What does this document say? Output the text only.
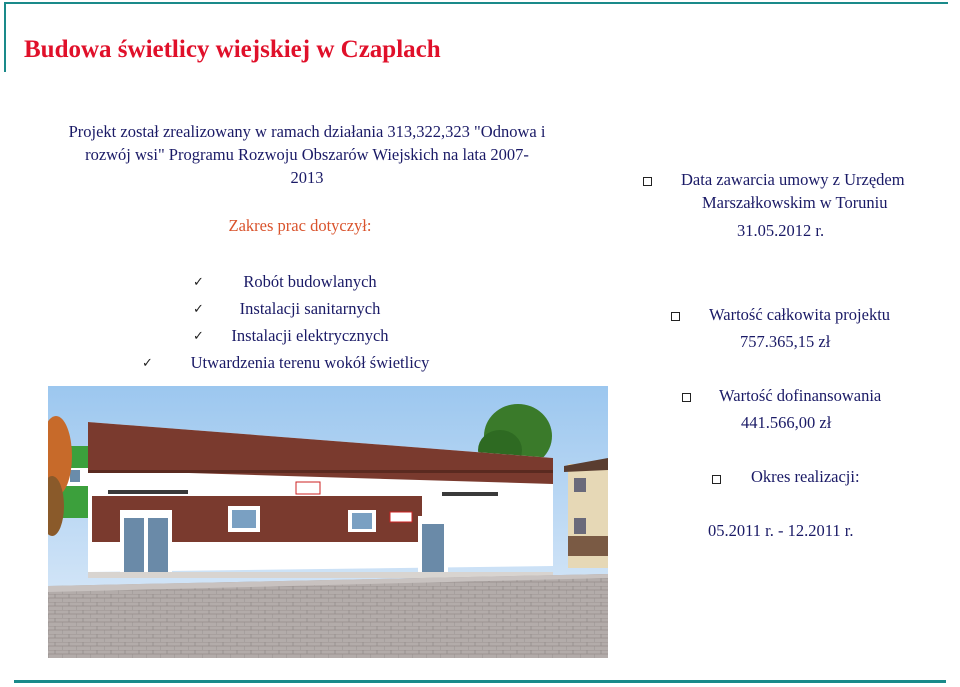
Budowa świetlicy wiejskiej w Czaplach
Projekt został zrealizowany w ramach działania 313,322,323 "Odnowa i
rozwój wsi" Programu Rozwoju Obszarów Wiejskich na lata 2007-
2013
Zakres prac dotyczył:
✓ Robót budowlanych
✓ Instalacji sanitarnych
✓ Instalacji elektrycznych
✓ Utwardzenia terenu wokół świetlicy
Data zawarcia umowy z Urzędem
Marszałkowskim w Toruniu
31.05.2012 r.
Wartość całkowita projektu
757.365,15 zł
Wartość dofinansowania
441.566,00 zł
Okres realizacji:
05.2011 r. - 12.2011 r.
